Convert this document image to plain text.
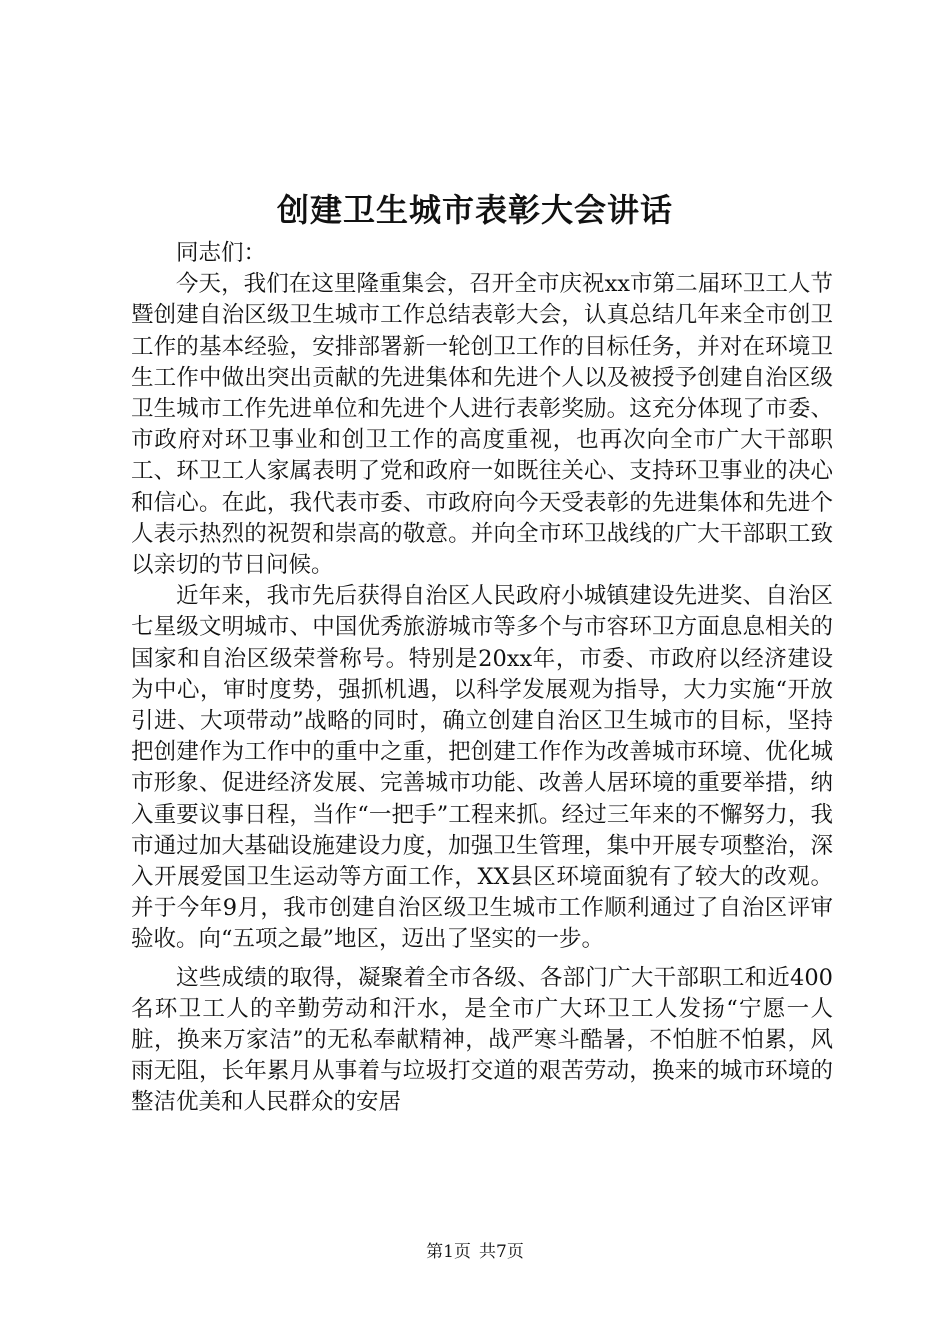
创建卫生城市表彰大会讲话

同志们：

今天，我们在这里隆重集会，召开全市庆祝xx市第二届环卫工人节暨创建自治区级卫生城市工作总结表彰大会，认真总结几年来全市创卫工作的基本经验，安排部署新一轮创卫工作的目标任务，并对在环境卫生工作中做出突出贡献的先进集体和先进个人以及被授予创建自治区级卫生城市工作先进单位和先进个人进行表彰奖励。这充分体现了市委、市政府对环卫事业和创卫工作的高度重视，也再次向全市广大干部职工、环卫工人家属表明了党和政府一如既往关心、支持环卫事业的决心和信心。在此，我代表市委、市政府向今天受表彰的先进集体和先进个人表示热烈的祝贺和崇高的敬意。并向全市环卫战线的广大干部职工致以亲切的节日问候。

近年来，我市先后获得自治区人民政府小城镇建设先进奖、自治区七星级文明城市、中国优秀旅游城市等多个与市容环卫方面息息相关的国家和自治区级荣誉称号。特别是20xx年，市委、市政府以经济建设为中心，审时度势，强抓机遇，以科学发展观为指导，大力实施“开放引进、大项带动”战略的同时，确立创建自治区卫生城市的目标，坚持把创建作为工作中的重中之重，把创建工作作为改善城市环境、优化城市形象、促进经济发展、完善城市功能、改善人居环境的重要举措，纳入重要议事日程，当作“一把手”工程来抓。经过三年来的不懈努力，我市通过加大基础设施建设力度，加强卫生管理，集中开展专项整治，深入开展爱国卫生运动等方面工作，XX县区环境面貌有了较大的改观。并于今年9月，我市创建自治区级卫生城市工作顺利通过了自治区评审验收。向“五项之最”地区，迈出了坚实的一步。

这些成绩的取得，凝聚着全市各级、各部门广大干部职工和近400名环卫工人的辛勤劳动和汗水，是全市广大环卫工人发扬“宁愿一人脏，换来万家洁”的无私奉献精神，战严寒斗酷暑，不怕脏不怕累，风雨无阻，长年累月从事着与垃圾打交道的艰苦劳动，换来的城市环境的整洁优美和人民群众的安居

第1页 共7页
